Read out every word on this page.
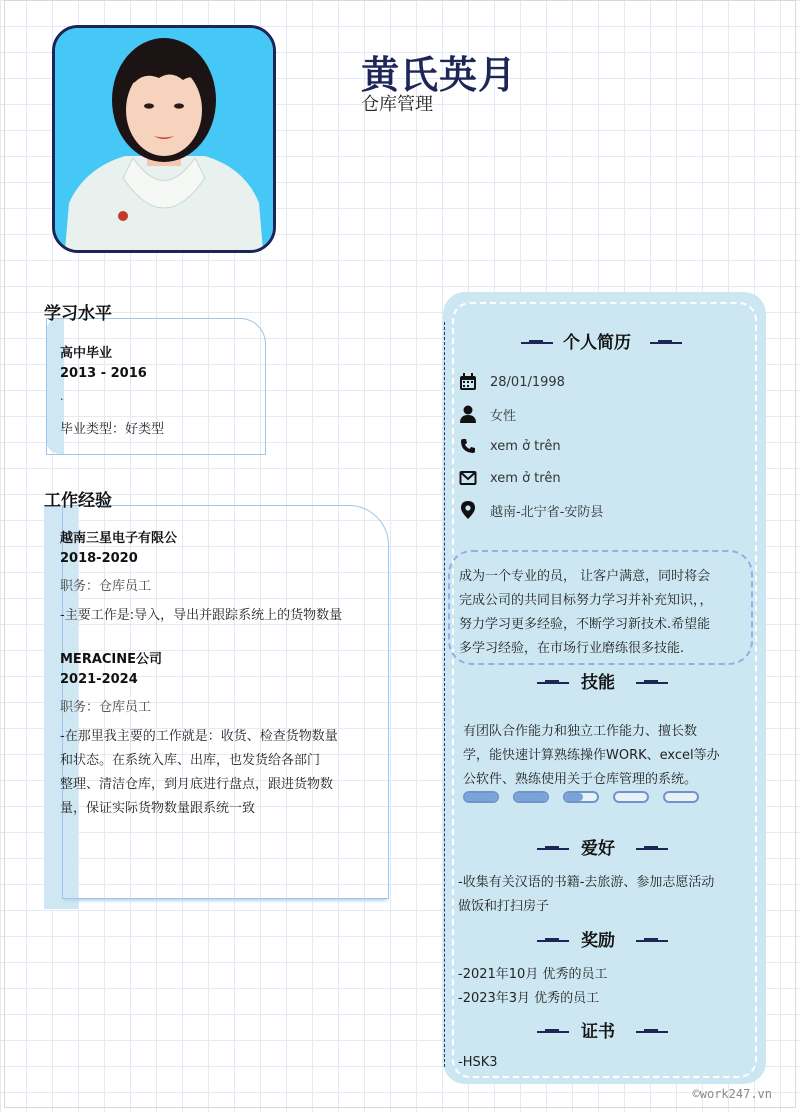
黄氏英月
仓库管理
学习水平
高中毕业
2013 - 2016
.
毕业类型：好类型
工作经验
越南三星电子有限公
2018-2020
职务：仓库员工
-主要工作是:导入，导出并跟踪系统上的货物数量
MERACINE公司
2021-2024
职务：仓库员工
-在那里我主要的工作就是：收货、检查货物数量
和状态。在系统入库、出库，也发货给各部门
整理、清洁仓库，到月底进行盘点，跟进货物数
量，保证实际货物数量跟系统一致
个人简历
28/01/1998
女性
xem ở trên
xem ở trên
越南-北宁省-安防县
成为一个专业的员， 让客户满意，同时将会
完成公司的共同目标努力学习并补充知识，，
努力学习更多经验，不断学习新技术.希望能
多学习经验，在市场行业磨练很多技能.
技能
有团队合作能力和独立工作能力、擅长数
学，能快速计算熟练操作WORK、excel等办
公软件、熟练使用关于仓库管理的系统。
爱好
-收集有关汉语的书籍-去旅游、参加志愿活动
做饭和打扫房子
奖励
-2021年10月 优秀的员工
-2023年3月 优秀的员工
证书
-HSK3
©work247.vn
